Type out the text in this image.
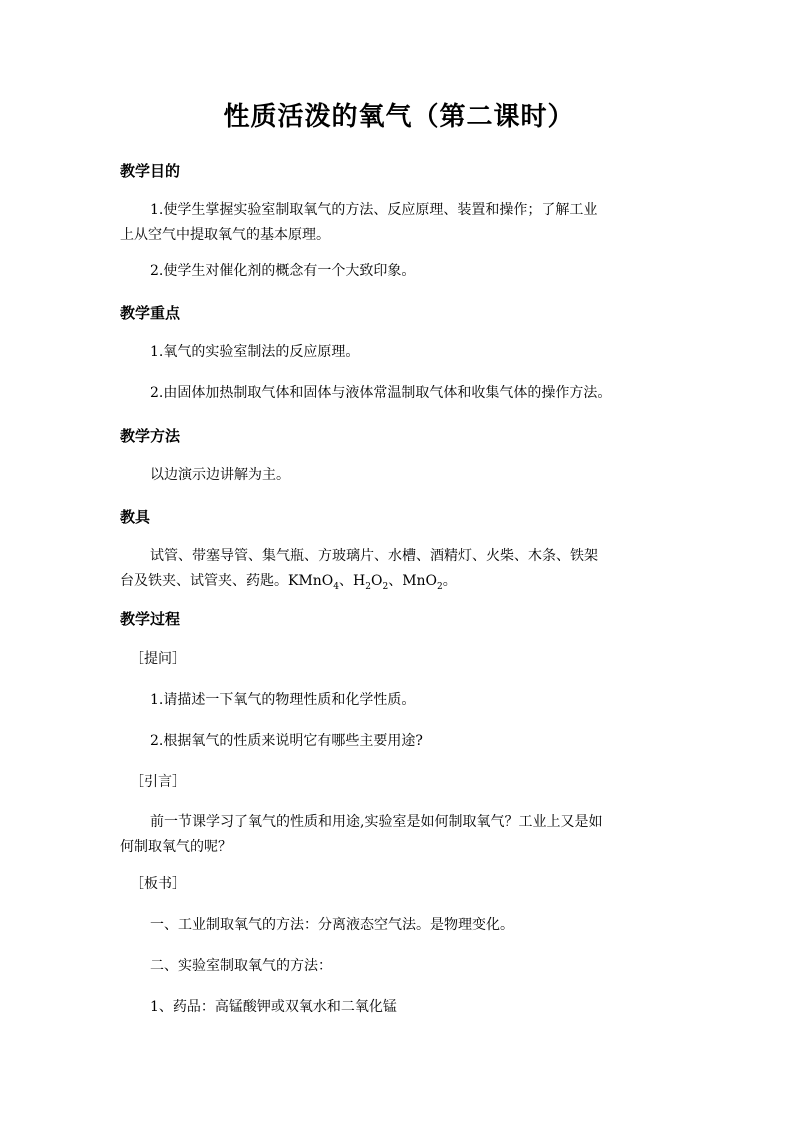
性质活泼的氧气（第二课时）
教学目的
1.使学生掌握实验室制取氧气的方法、反应原理、装置和操作；了解工业
上从空气中提取氧气的基本原理。
2.使学生对催化剂的概念有一个大致印象。
教学重点
1.氧气的实验室制法的反应原理。
2.由固体加热制取气体和固体与液体常温制取气体和收集气体的操作方法。
教学方法
以边演示边讲解为主。
教具
试管、带塞导管、集气瓶、方玻璃片、水槽、酒精灯、火柴、木条、铁架
台及铁夹、试管夹、药匙。KMnO$_4$、$H_2O_2$、MnO$_2$。
教学过程
［提问］
1.请描述一下氧气的物理性质和化学性质。
2.根据氧气的性质来说明它有哪些主要用途?
［引言］
前一节课学习了氧气的性质和用途,实验室是如何制取氧气？工业上又是如
何制取氧气的呢？
［板书］
一、工业制取氧气的方法：分离液态空气法。是物理变化。
二、实验室制取氧气的方法：
1、药品：高锰酸钾或双氧水和二氧化锰
